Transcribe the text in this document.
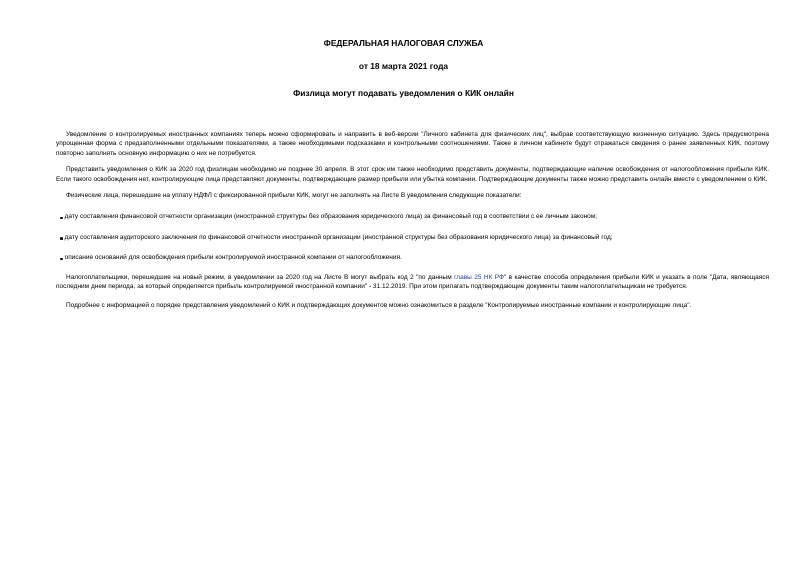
ФЕДЕРАЛЬНАЯ НАЛОГОВАЯ СЛУЖБА
от 18 марта 2021 года
Физлица могут подавать уведомления о КИК онлайн

Уведомление о контролируемых иностранных компаниях теперь можно сформировать и направить в веб-версии "Личного кабинета для физических лиц", выбрав соответствующую жизненную ситуацию. Здесь предусмотрена упрощенная форма с предзаполненными отдельными показателями, а также необходимыми подсказками и контрольными соотношениями. Также в личном кабинете будут отражаться сведения о ранее заявленных КИК, поэтому повторно заполнять основную информацию о них не потребуется.

Представить уведомления о КИК за 2020 год физлицам необходимо не позднее 30 апреля. В этот срок им также необходимо представить документы, подтверждающие наличие освобождения от налогообложения прибыли КИК. Если такого освобождения нет, контролирующие лица представляют документы, подтверждающие размер прибыли или убытка компании. Подтверждающие документы также можно представить онлайн вместе с уведомлением о КИК.

Физические лица, перешедшие на уплату НДФЛ с фиксированной прибыли КИК, могут не заполнять на Листе В уведомления следующие показатели:

дату составления финансовой отчетности организации (иностранной структуры без образования юридического лица) за финансовый год в соответствии с ее личным законом;

дату составления аудиторского заключения по финансовой отчетности иностранной организации (иностранной структуры без образования юридического лица) за финансовый год;

описание оснований для освобождения прибыли контролируемой иностранной компании от налогообложения.

Налогоплательщики, перешедшие на новый режим, в уведомлении за 2020 год на Листе В могут выбрать код 2 "по данным главы 25 НК РФ" в качестве способа определения прибыли КИК и указать в поле "Дата, являющаяся последним днем периода, за который определяется прибыль контролируемой иностранной компании" - 31.12.2019. При этом прилагать подтверждающие документы таким налогоплательщикам не требуется.

Подробнее с информацией о порядке представления уведомлений о КИК и подтверждающих документов можно ознакомиться в разделе "Контролируемые иностранные компании и контролирующие лица".
